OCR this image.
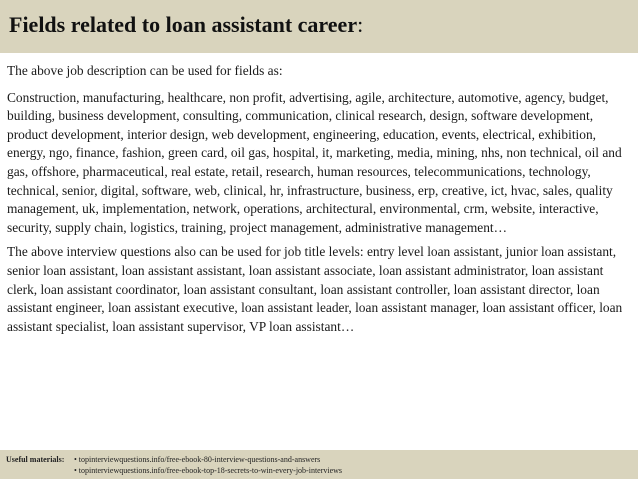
Fields related to loan assistant career:

The above job description can be used for fields as:

Construction, manufacturing, healthcare, non profit, advertising, agile, architecture, automotive, agency, budget, building, business development, consulting, communication, clinical research, design, software development, product development, interior design, web development, engineering, education, events, electrical, exhibition, energy, ngo, finance, fashion, green card, oil gas, hospital, it, marketing, media, mining, nhs, non technical, oil and gas, offshore, pharmaceutical, real estate, retail, research, human resources, telecommunications, technology, technical, senior, digital, software, web, clinical, hr, infrastructure, business, erp, creative, ict, hvac, sales, quality management, uk, implementation, network, operations, architectural, environmental, crm, website, interactive, security, supply chain, logistics, training, project management, administrative management…

The above interview questions also can be used for job title levels: entry level loan assistant, junior loan assistant, senior loan assistant, loan assistant assistant, loan assistant associate, loan assistant administrator, loan assistant clerk, loan assistant coordinator, loan assistant consultant, loan assistant controller, loan assistant director, loan assistant engineer, loan assistant executive, loan assistant leader, loan assistant manager, loan assistant officer, loan assistant specialist, loan assistant supervisor, VP loan assistant…

Useful materials: • topinterviewquestions.info/free-ebook-80-interview-questions-and-answers
• topinterviewquestions.info/free-ebook-top-18-secrets-to-win-every-job-interviews
